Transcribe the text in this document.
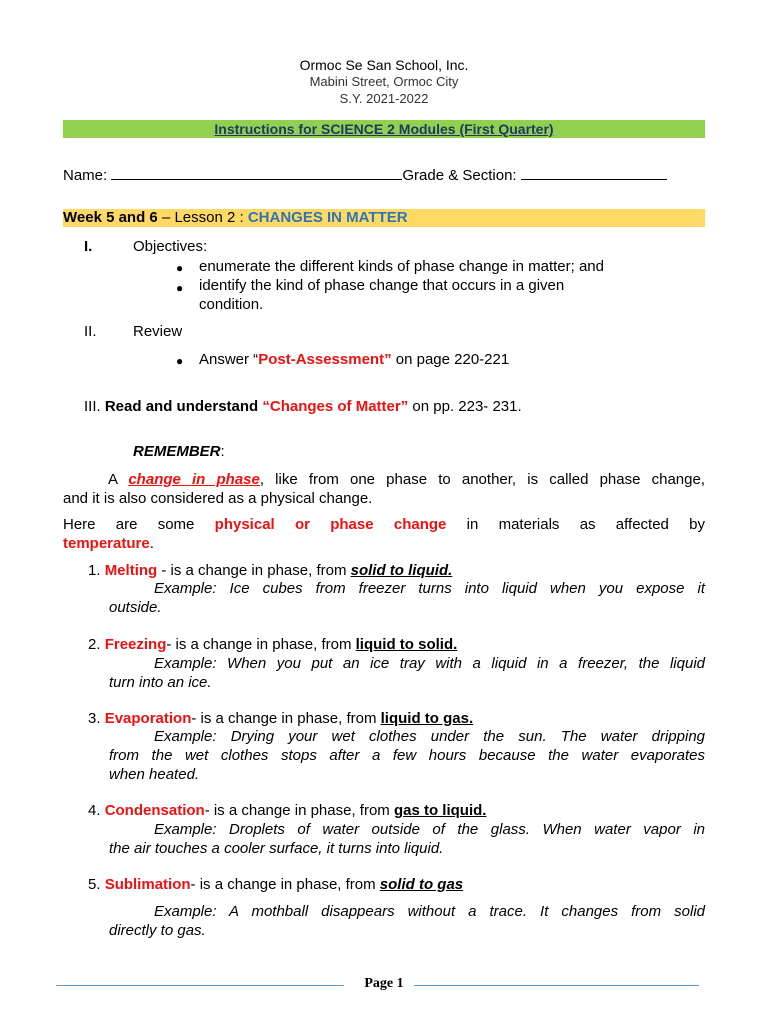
Ormoc Se San School, Inc.
Mabini Street, Ormoc City
S.Y. 2021-2022
Instructions for SCIENCE 2 Modules (First Quarter)
Name:	Grade & Section:
Week 5 and 6 – Lesson 2 : CHANGES IN MATTER
I.	Objectives:
● enumerate the different kinds of phase change in matter; and
● identify the kind of phase change that occurs in a given
condition.
II. Review
● Answer “Post-Assessment” on page 220-221
III. Read and understand “Changes of Matter” on pp. 223- 231.
REMEMBER:
A change in phase, like from one phase to another, is called phase change,
and it is also considered as a physical change.
Here are some physical or phase change in materials as affected by
temperature.
1. Melting - is a change in phase, from solid to liquid.
Example: Ice cubes from freezer turns into liquid when you expose it
outside.
2. Freezing- is a change in phase, from liquid to solid.
Example: When you put an ice tray with a liquid in a freezer, the liquid
turn into an ice.
3. Evaporation- is a change in phase, from liquid to gas.
Example: Drying your wet clothes under the sun. The water dripping
from the wet clothes stops after a few hours because the water evaporates
when heated.
4. Condensation- is a change in phase, from gas to liquid.
Example: Droplets of water outside of the glass. When water vapor in
the air touches a cooler surface, it turns into liquid.
5. Sublimation- is a change in phase, from solid to gas
Example: A mothball disappears without a trace. It changes from solid
directly to gas.
Page 1
